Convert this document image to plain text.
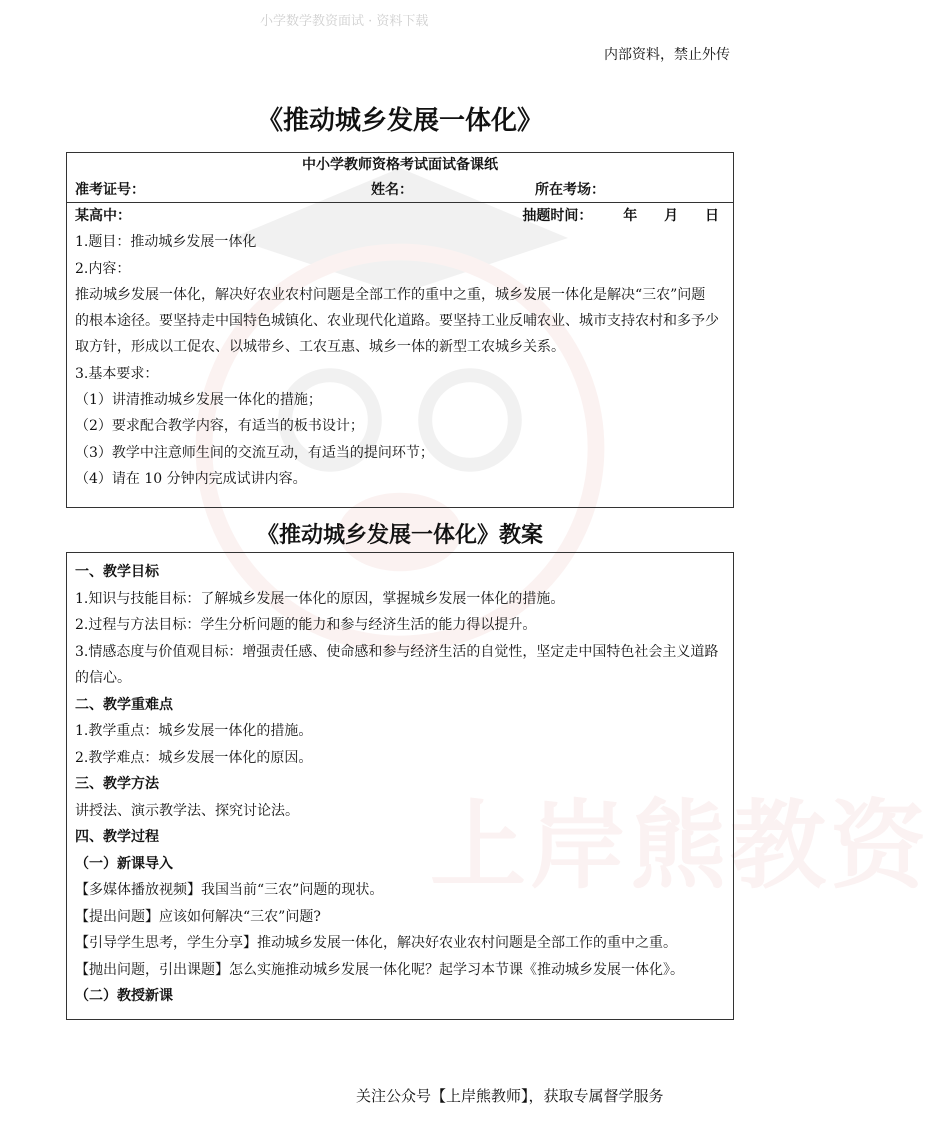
上岸熊教资
小学数学教资面试 · 资料下载
内部资料，禁止外传
《推动城乡发展一体化》
中小学教师资格考试面试备课纸
准考证号：	姓名：	所在考场：
某高中：	抽题时间： 年 月 日
1.题目：推动城乡发展一体化
2.内容：
推动城乡发展一体化，解决好农业农村问题是全部工作的重中之重，城乡发展一体化是解决“三农”问题
的根本途径。要坚持走中国特色城镇化、农业现代化道路。要坚持工业反哺农业、城市支持农村和多予少
取方针，形成以工促农、以城带乡、工农互惠、城乡一体的新型工农城乡关系。
3.基本要求：
（1）讲清推动城乡发展一体化的措施；
（2）要求配合教学内容，有适当的板书设计；
（3）教学中注意师生间的交流互动，有适当的提问环节；
（4）请在 10 分钟内完成试讲内容。
《推动城乡发展一体化》教案
一、教学目标
1.知识与技能目标：了解城乡发展一体化的原因，掌握城乡发展一体化的措施。
2.过程与方法目标：学生分析问题的能力和参与经济生活的能力得以提升。
3.情感态度与价值观目标：增强责任感、使命感和参与经济生活的自觉性，坚定走中国特色社会主义道路
的信心。
二、教学重难点
1.教学重点：城乡发展一体化的措施。
2.教学难点：城乡发展一体化的原因。
三、教学方法
讲授法、演示教学法、探究讨论法。
四、教学过程
（一）新课导入
【多媒体播放视频】我国当前“三农”问题的现状。
【提出问题】应该如何解决“三农”问题?
【引导学生思考，学生分享】推动城乡发展一体化，解决好农业农村问题是全部工作的重中之重。
【抛出问题，引出课题】怎么实施推动城乡发展一体化呢？起学习本节课《推动城乡发展一体化》。
（二）教授新课
关注公众号【上岸熊教师】，获取专属督学服务
